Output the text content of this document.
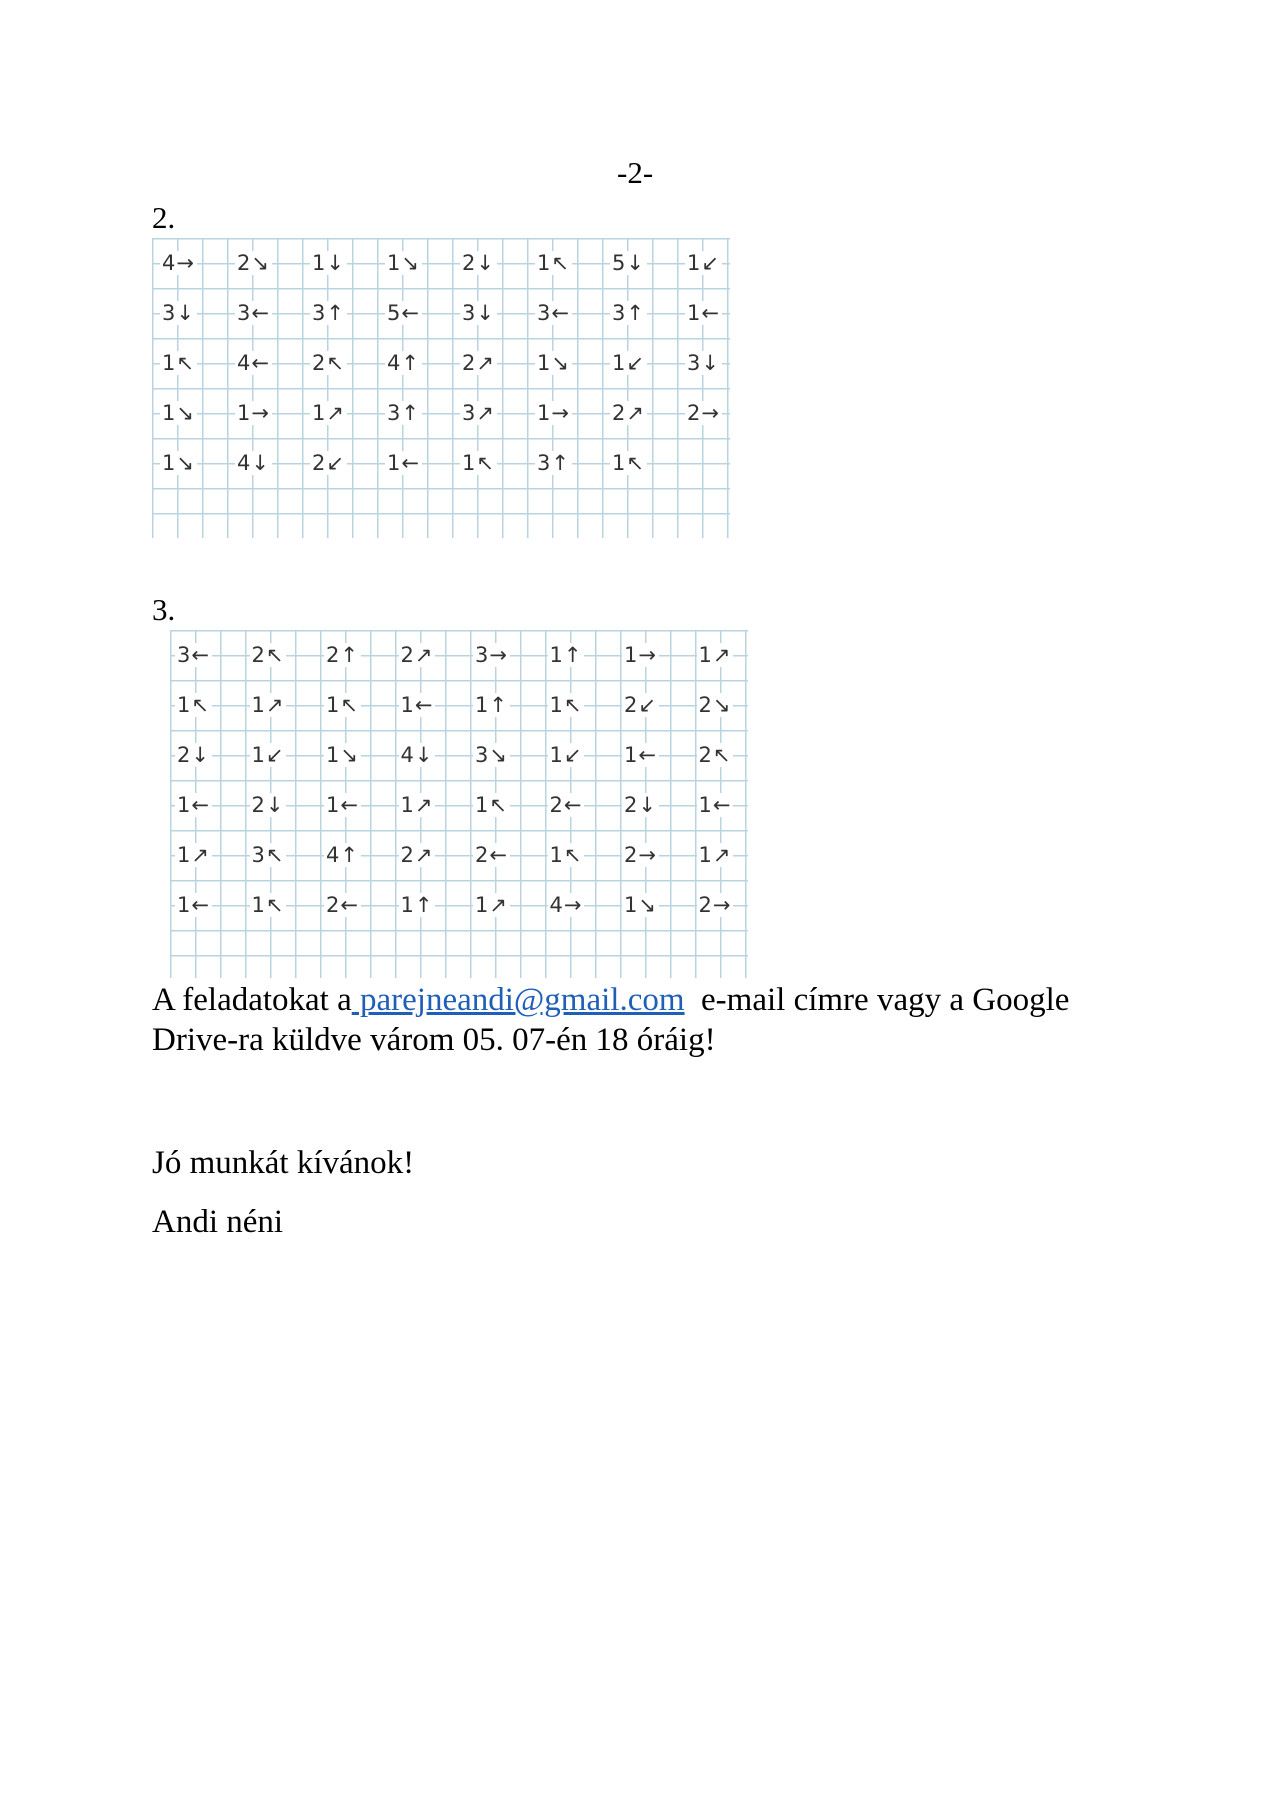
-2-
2.
4→ 2↘ 1↓ 1↘ 2↓ 1↖ 5↓ 1↙
3↓ 3← 3↑ 5← 3↓ 3← 3↑ 1←
1↖ 4← 2↖ 4↑ 2↗ 1↘ 1↙ 3↓
1↘ 1→ 1↗ 3↑ 3↗ 1→ 2↗ 2→
1↘ 4↓ 2↙ 1← 1↖ 3↑ 1↖
3.
3← 2↖ 2↑ 2↗ 3→ 1↑ 1→ 1↗
1↖ 1↗ 1↖ 1← 1↑ 1↖ 2↙ 2↘
2↓ 1↙ 1↘ 4↓ 3↘ 1↙ 1← 2↖
1← 2↓ 1← 1↗ 1↖ 2← 2↓ 1←
1↗ 3↖ 4↑ 2↗ 2← 1↖ 2→ 1↗
1← 1↖ 2← 1↑ 1↗ 4→ 1↘ 2→
A feladatokat a parejneandi@gmail.com  e-mail címre vagy a Google
Drive-ra küldve várom 05. 07-én 18 óráig!
Jó munkát kívánok!
Andi néni
